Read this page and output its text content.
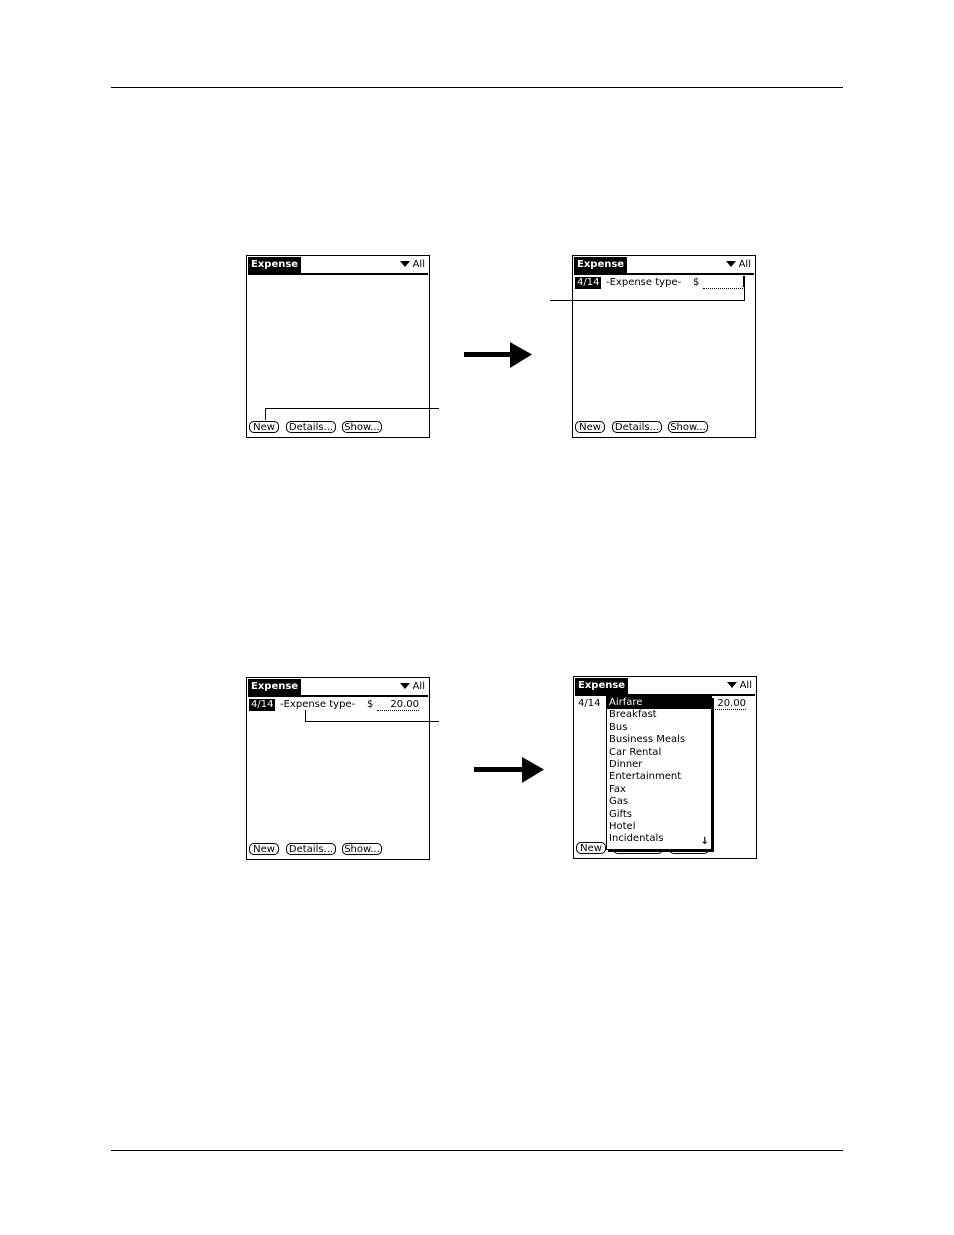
Expense	All
New	Details... Show...
Expense	All
4/14 -Expense type- $
New	Details... Show...
Expense	All
4/14 -Expense type- $	20.00
New	Details... Show...
Expense	All
4/14	20.00
Airfare
Breakfast
Bus
Business Meals
Car Rental
Dinner
Entertainment
Fax
Gas
Gifts
Hotel
Incidentals	↓
New
